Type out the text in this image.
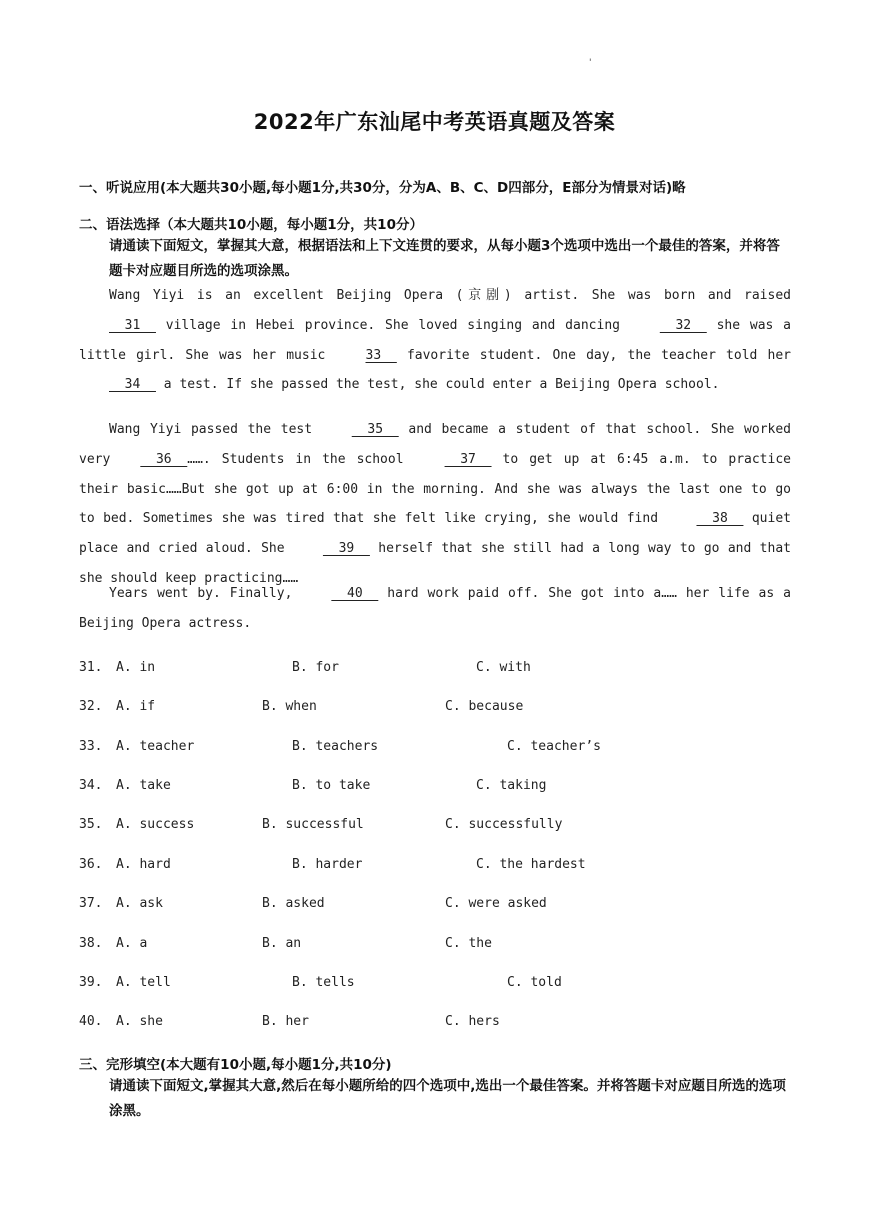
'
2022年广东汕尾中考英语真题及答案
一、听说应用(本大题共30小题,每小题1分,共30分，分为A、B、C、D四部分，E部分为情景对话)略
二、语法选择（本大题共10小题，每小题1分，共10分）
请通读下面短文，掌握其大意，根据语法和上下文连贯的要求，从每小题3个选项中选出一个最佳的答案，并将答题卡对应题目所选的选项涂黑。
Wang Yiyi is an excellent Beijing Opera (京剧) artist. She was born and raised   31   village in Hebei province. She loved singing and dancing   32   she was a little girl. She was her music 33   favorite student. One day, the teacher told her   34   a test. If she passed the test, she could enter a Beijing Opera school.
Wang Yiyi passed the test   35   and became a student of that school. She worked very  36  ……. Students in the school   37   to get up at 6:45 a.m. to practice their basic……But she got up at 6:00 in the morning. And she was always the last one to go to bed. Sometimes she was tired that she felt like crying, she would find   38   quiet place and cried aloud. She   39   herself that she still had a long way to go and that she should keep practicing……
Years went by. Finally,   40   hard work paid off. She got into a…… her life as a Beijing Opera actress.
31. A. in	B. for	C. with
32. A. if	B. when	C. because
33. A. teacher	B. teachers	C. teacher’s
34. A. take	B. to take	C. taking
35. A. success	B. successful	C. successfully
36. A. hard	B. harder	C. the hardest
37. A. ask	B. asked	C. were asked
38. A. a	B. an	C. the
39. A. tell	B. tells	C. told
40. A. she	B. her	C. hers
三、完形填空(本大题有10小题,每小题1分,共10分)
请通读下面短文,掌握其大意,然后在每小题所给的四个选项中,选出一个最佳答案。并将答题卡对应题目所选的选项涂黑。
